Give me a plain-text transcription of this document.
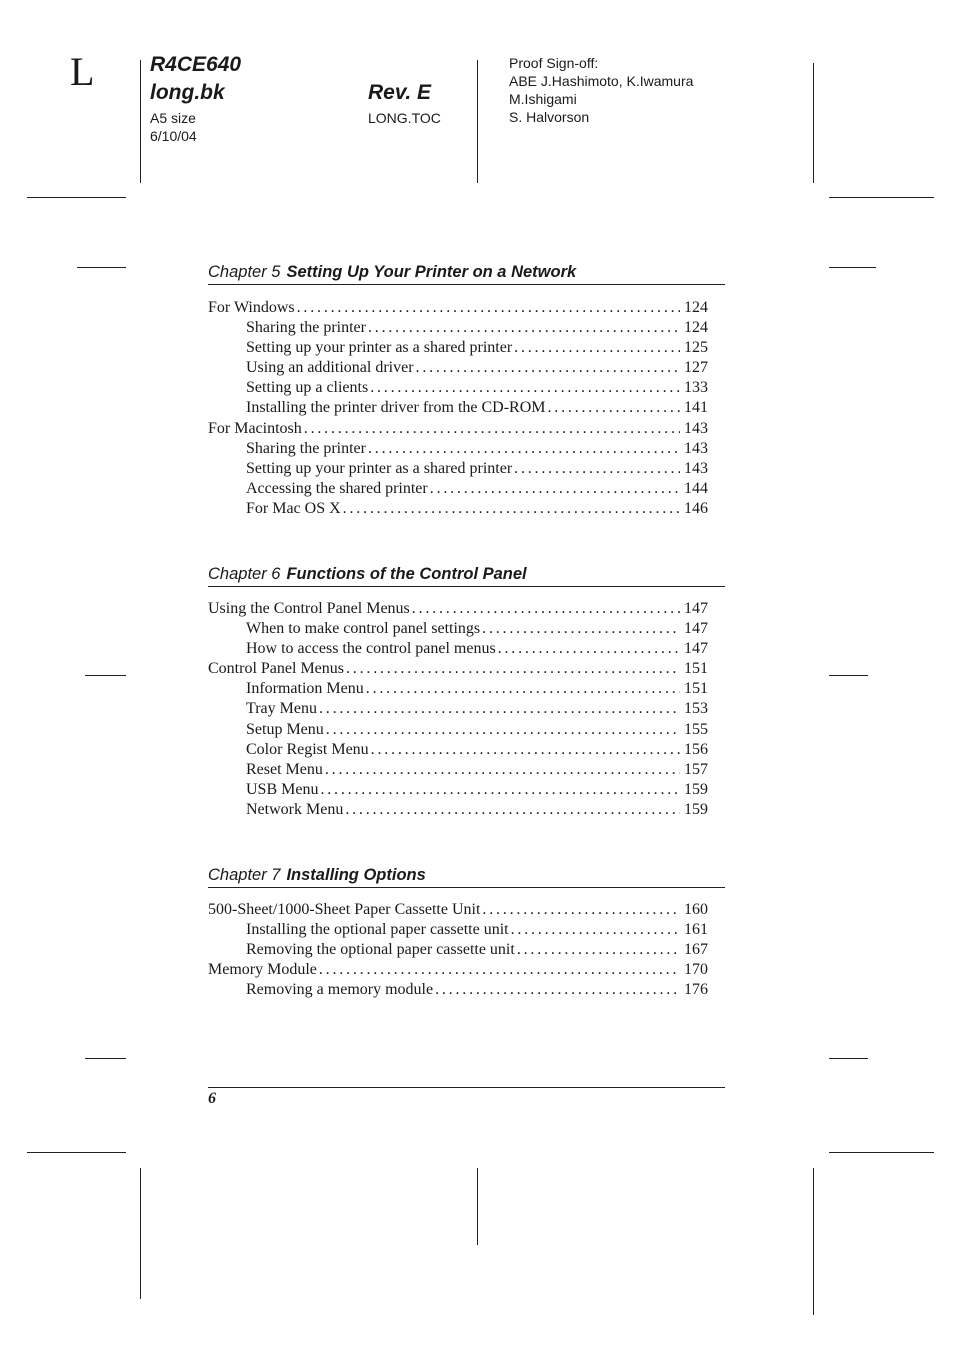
L	R4CE640
long.bk	Rev. E
A5 size
6/10/04
LONG.TOC
Proof Sign-off:
ABE J.Hashimoto, K.Iwamura
M.Ishigami
S. Halvorson
Chapter 5 Setting Up Your Printer on a Network
For Windows . . .	124
Sharing the printer . . .	124
Setting up your printer as a shared printer . . .	125
Using an additional driver . . .	127
Setting up a clients . . .	133
Installing the printer driver from the CD-ROM . . .	141
For Macintosh . . .	143
Sharing the printer . . .	143
Setting up your printer as a shared printer . . .	143
Accessing the shared printer . . .	144
For Mac OS X . . .	146
Chapter 6 Functions of the Control Panel
Using the Control Panel Menus . . .	147
When to make control panel settings . . .	147
How to access the control panel menus . . .	147
Control Panel Menus . . .	151
Information Menu . . .	151
Tray Menu . . .	153
Setup Menu . . .	155
Color Regist Menu . . .	156
Reset Menu . . .	157
USB Menu . . .	159
Network Menu . . .	159
Chapter 7 Installing Options
500-Sheet/1000-Sheet Paper Cassette Unit . . .	160
Installing the optional paper cassette unit . . .	161
Removing the optional paper cassette unit . . .	167
Memory Module . . .	170
Removing a memory module . . .	176
6
